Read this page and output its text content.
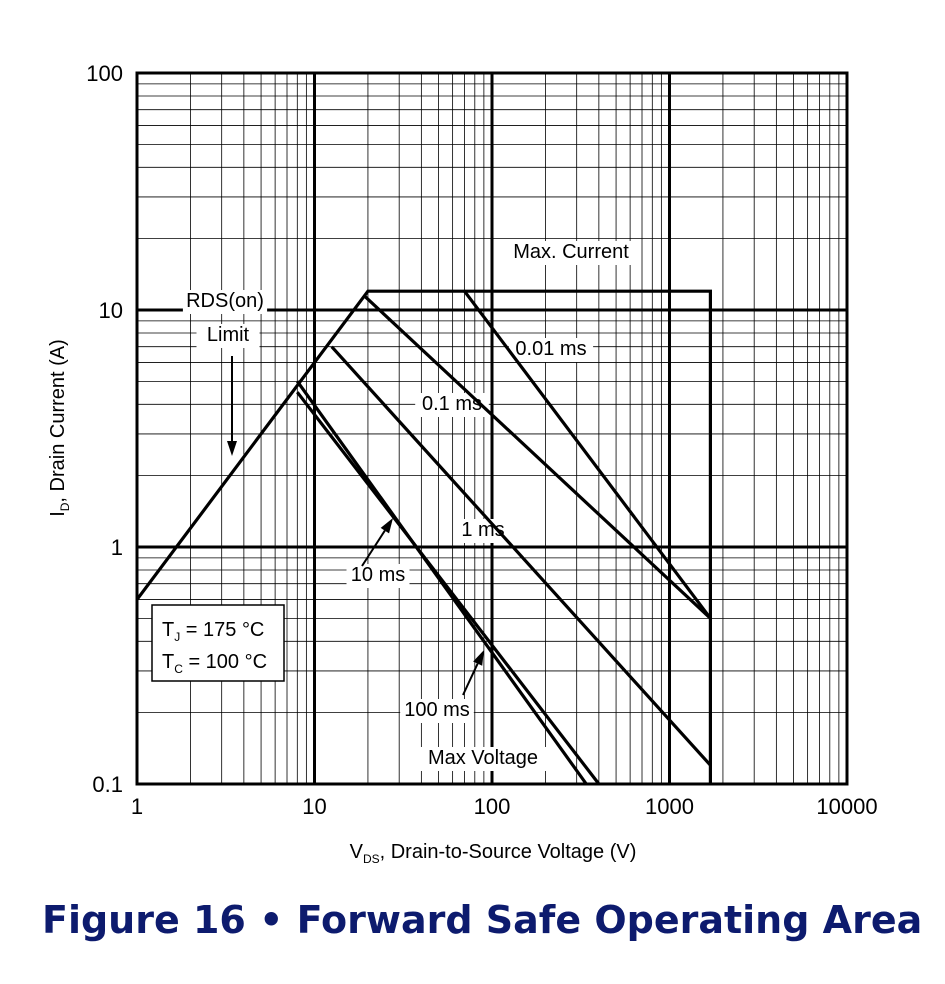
1	10	100	1000	10000
0.1
1
10
100
Max. Current
RDS(on)
Limit
0.01 ms
0.1 ms
1 ms
10 ms
100 ms
Max Voltage
$T_J = 175$ °C
$T_C = 100$ °C
$V_{DS}$, Drain-to-Source Voltage (V)
$I_D$, Drain Current (A)
Figure 16 • Forward Safe Operating Area
